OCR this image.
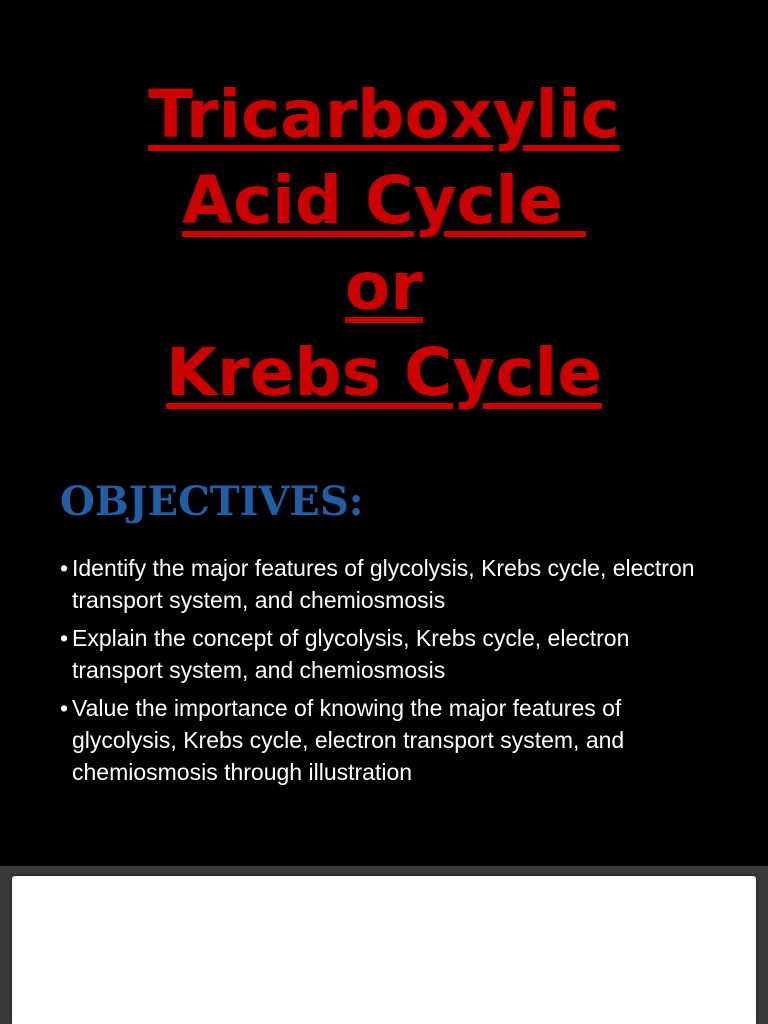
Tricarboxylic
Acid Cycle
or
Krebs Cycle
OBJECTIVES:
• Identify the major features of glycolysis, Krebs cycle, electron transport system, and chemiosmosis
• Explain the concept of glycolysis, Krebs cycle, electron transport system, and chemiosmosis
• Value the importance of knowing the major features of glycolysis, Krebs cycle, electron transport system, and chemiosmosis through illustration
